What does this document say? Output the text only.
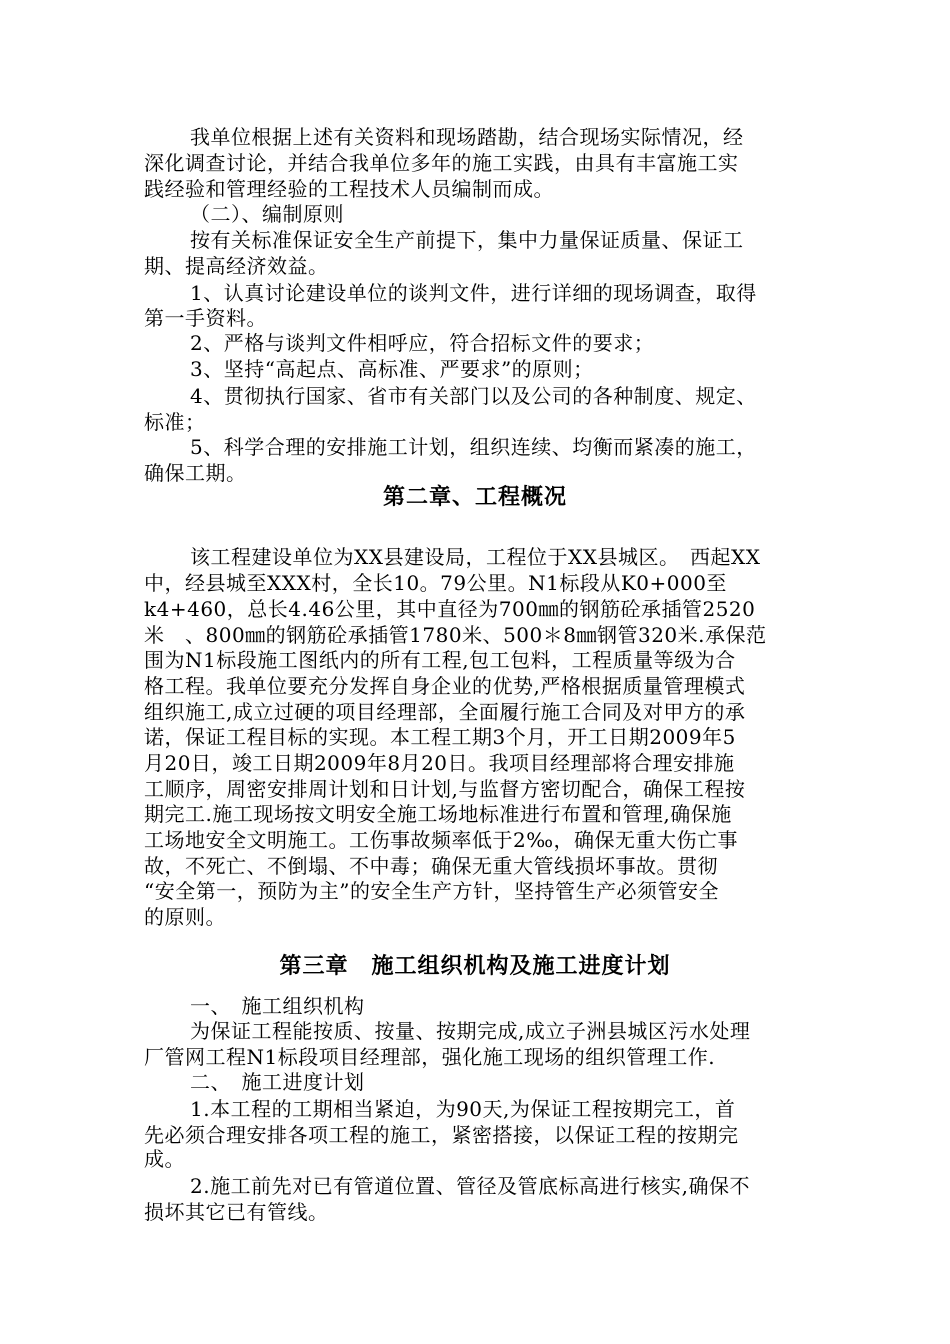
我单位根据上述有关资料和现场踏勘，结合现场实际情况，经
深化调查讨论，并结合我单位多年的施工实践，由具有丰富施工实
践经验和管理经验的工程技术人员编制而成。
（二）、编制原则
按有关标准保证安全生产前提下，集中力量保证质量、保证工
期、提高经济效益。
1、认真讨论建设单位的谈判文件，进行详细的现场调查，取得
第一手资料。
2、严格与谈判文件相呼应，符合招标文件的要求；
3、坚持“高起点、高标准、严要求”的原则；
4、贯彻执行国家、省市有关部门以及公司的各种制度、规定、
标准；
5、科学合理的安排施工计划，组织连续、均衡而紧凑的施工，
确保工期。
第二章、工程概况
该工程建设单位为XX县建设局，工程位于XX县城区。　西起XX
中，经县城至XXX村，全长10。79公里。N1标段从K0+000至
k4+460，总长4.46公里，其中直径为700㎜的钢筋砼承插管2520
米　、800㎜的钢筋砼承插管1780米、500＊8㎜钢管320米.承保范
围为N1标段施工图纸内的所有工程,包工包料，工程质量等级为合
格工程。我单位要充分发挥自身企业的优势,严格根据质量管理模式
组织施工,成立过硬的项目经理部，全面履行施工合同及对甲方的承
诺，保证工程目标的实现。本工程工期3个月，开工日期2009年5
月20日，竣工日期2009年8月20日。我项目经理部将合理安排施
工顺序，周密安排周计划和日计划,与监督方密切配合，确保工程按
期完工.施工现场按文明安全施工场地标准进行布置和管理,确保施
工场地安全文明施工。工伤事故频率低于2‰，确保无重大伤亡事
故，不死亡、不倒塌、不中毒；确保无重大管线损坏事故。贯彻
“安全第一，预防为主”的安全生产方针，坚持管生产必须管安全
的原则。
第三章　施工组织机构及施工进度计划
一、　施工组织机构
为保证工程能按质、按量、按期完成,成立子洲县城区污水处理
厂管网工程N1标段项目经理部，强化施工现场的组织管理工作.
二、　施工进度计划
1.本工程的工期相当紧迫，为90天,为保证工程按期完工，首
先必须合理安排各项工程的施工，紧密搭接，以保证工程的按期完
成。
2.施工前先对已有管道位置、管径及管底标高进行核实,确保不
损坏其它已有管线。
